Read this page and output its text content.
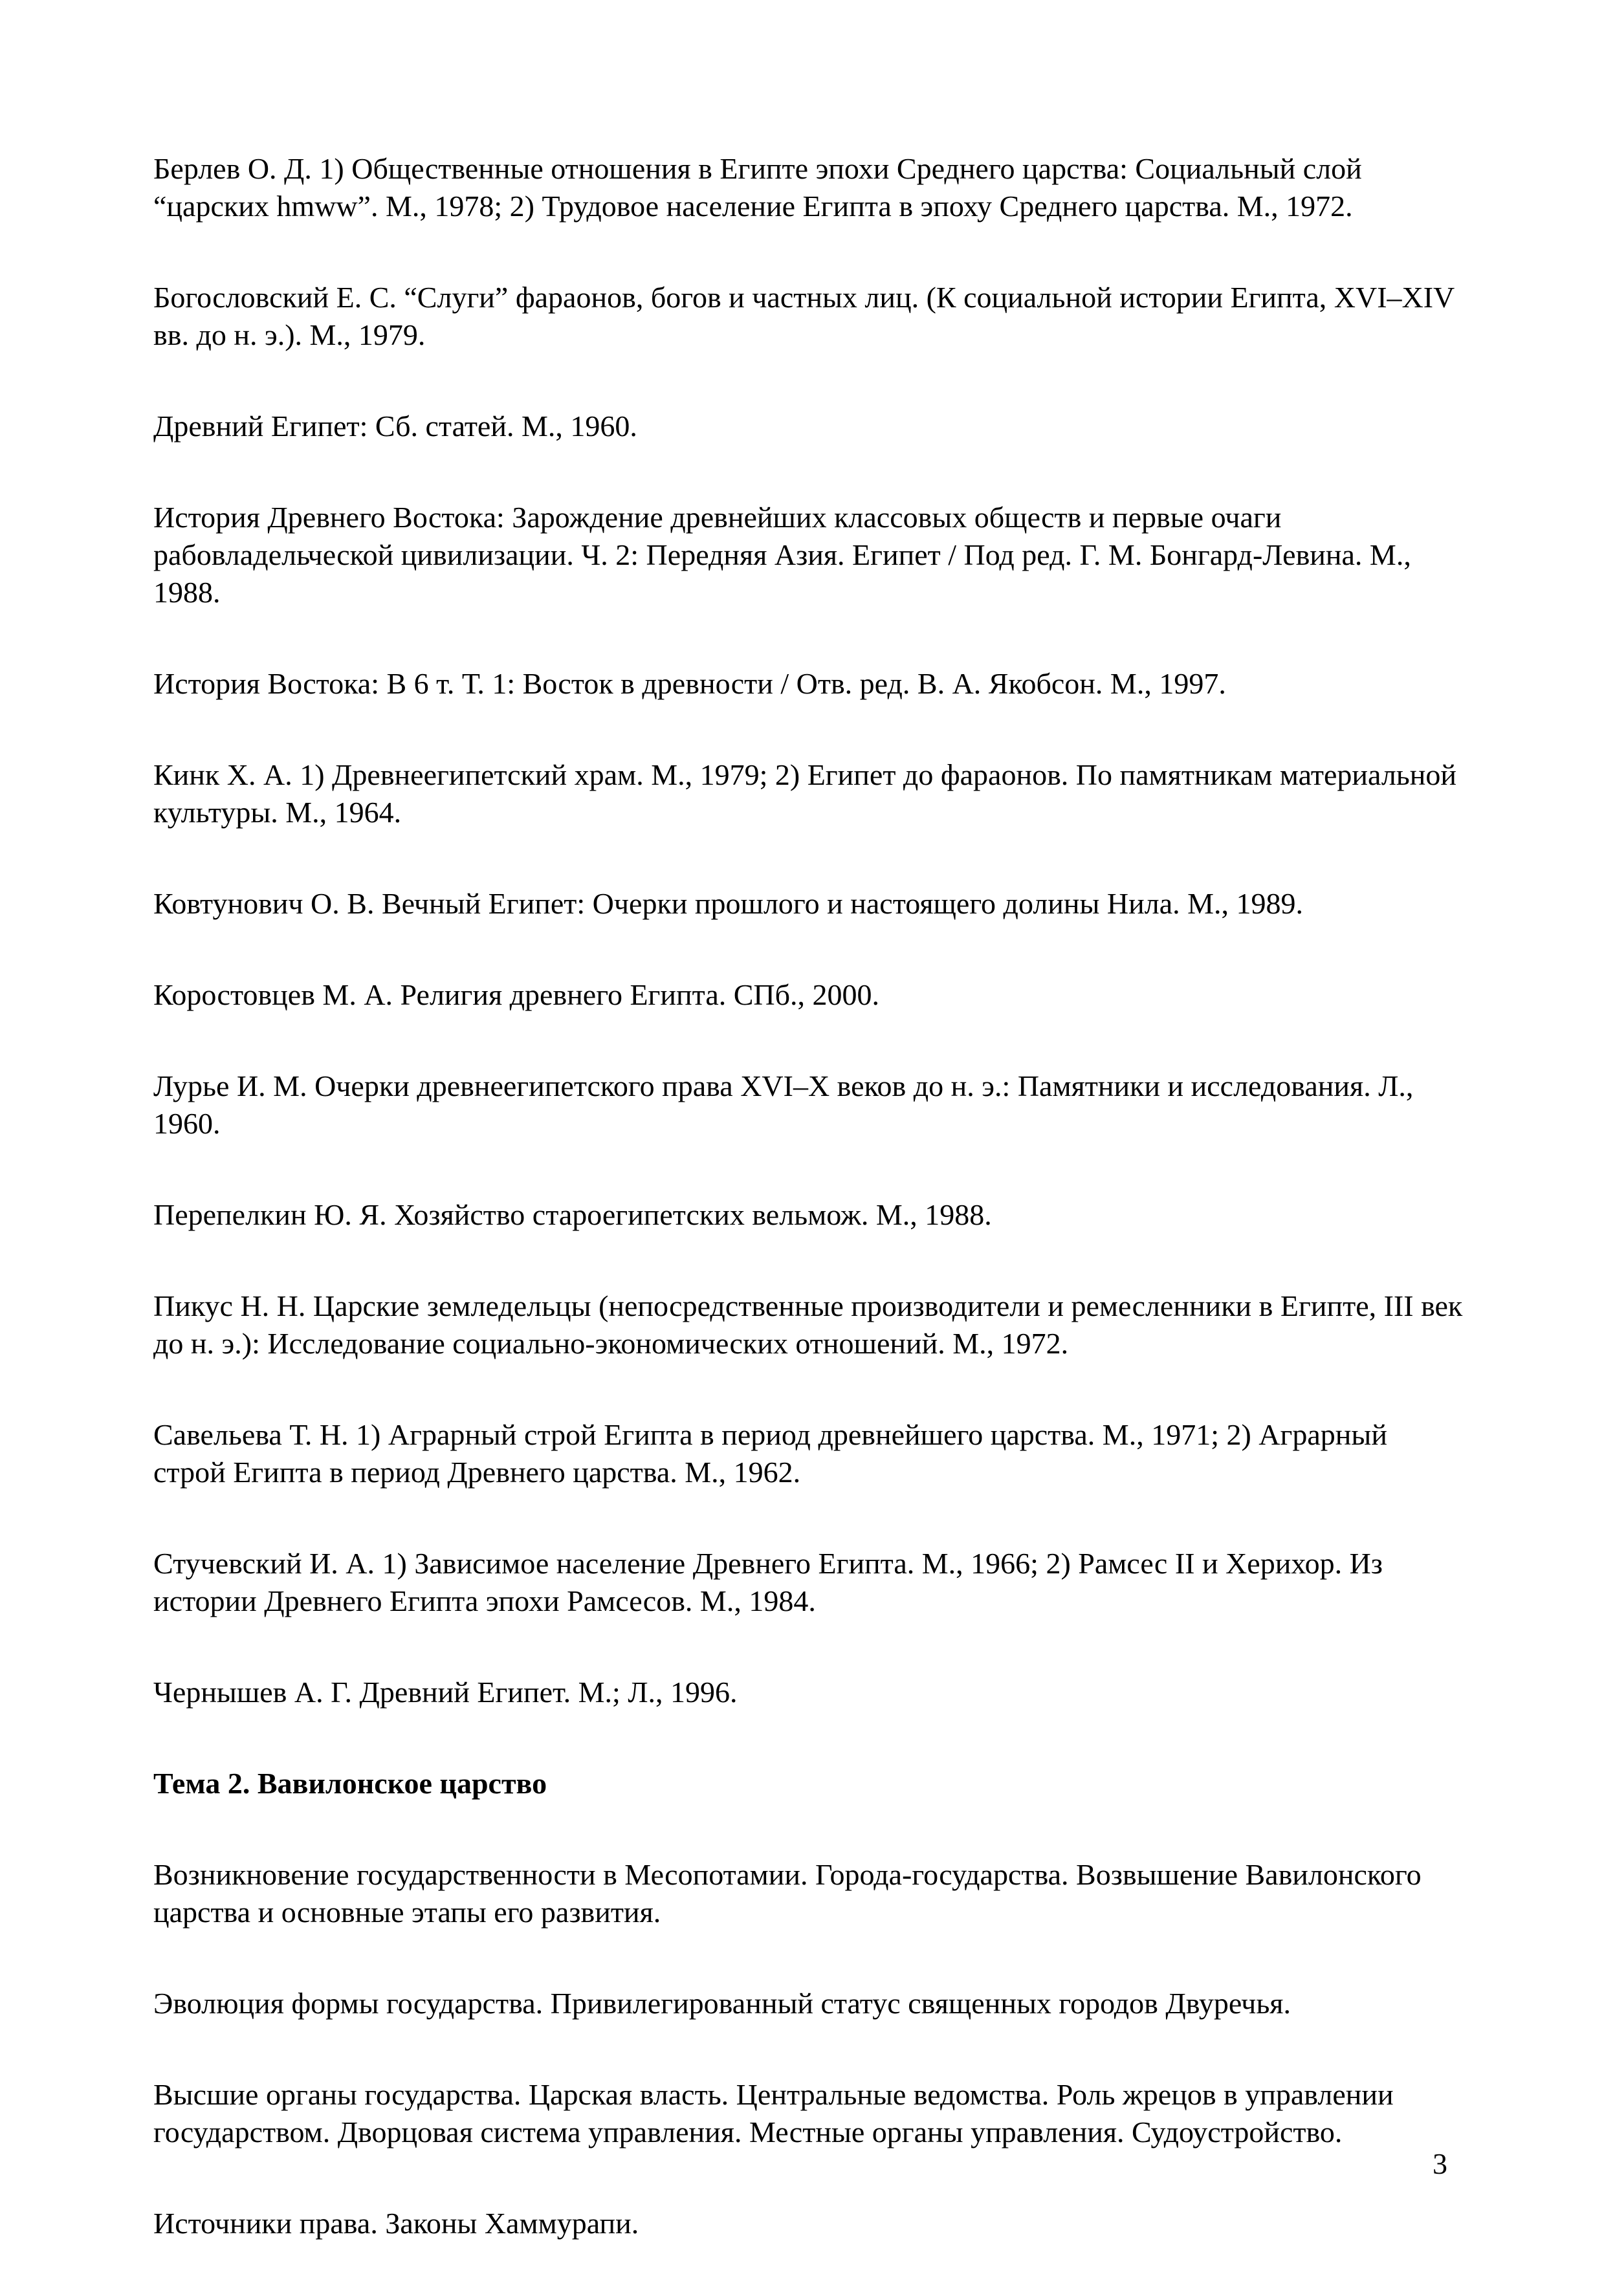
Берлев О. Д. 1) Общественные отношения в Египте эпохи Среднего царства: Социальный слой “царских hmww”. М., 1978; 2) Трудовое население Египта в эпоху Среднего царства. М., 1972.

Богословский Е. С. “Слуги” фараонов, богов и частных лиц. (К социальной истории Египта, XVI–XIV вв. до н. э.). М., 1979.

Древний Египет: Сб. статей. М., 1960.

История Древнего Востока: Зарождение древнейших классовых обществ и первые очаги рабовладельческой цивилизации. Ч. 2: Передняя Азия. Египет / Под ред. Г. М. Бонгард-Левина. М., 1988.

История Востока: В 6 т. Т. 1: Восток в древности / Отв. ред. В. А. Якобсон. М., 1997.

Кинк Х. А. 1) Древнеегипетский храм. М., 1979; 2) Египет до фараонов. По памятникам материальной культуры. М., 1964.

Ковтунович О. В. Вечный Египет: Очерки прошлого и настоящего долины Нила. М., 1989.

Коростовцев М. А. Религия древнего Египта. СПб., 2000.

Лурье И. М. Очерки древнеегипетского права XVI–X веков до н. э.: Памятники и исследования. Л., 1960.

Перепелкин Ю. Я. Хозяйство староегипетских вельмож. М., 1988.

Пикус Н. Н. Царские земледельцы (непосредственные производители и ремесленники в Египте, III век до н. э.): Исследование социально-экономических отношений. М., 1972.

Савельева Т. Н. 1) Аграрный строй Египта в период древнейшего царства. М., 1971; 2) Аграрный строй Египта в период Древнего царства. М., 1962.

Стучевский И. А. 1) Зависимое население Древнего Египта. М., 1966; 2) Рамсес II и Херихор. Из истории Древнего Египта эпохи Рамсесов. М., 1984.

Чернышев А. Г. Древний Египет. М.; Л., 1996.

Тема 2. Вавилонское царство

Возникновение государственности в Месопотамии. Города-государства. Возвышение Вавилонского царства и основные этапы его развития.

Эволюция формы государства. Привилегированный статус священных городов Двуречья.

Высшие органы государства. Царская власть. Центральные ведомства. Роль жрецов в управлении государством. Дворцовая система управления. Местные органы управления. Судоустройство.

Источники права. Законы Хаммурапи.

3
